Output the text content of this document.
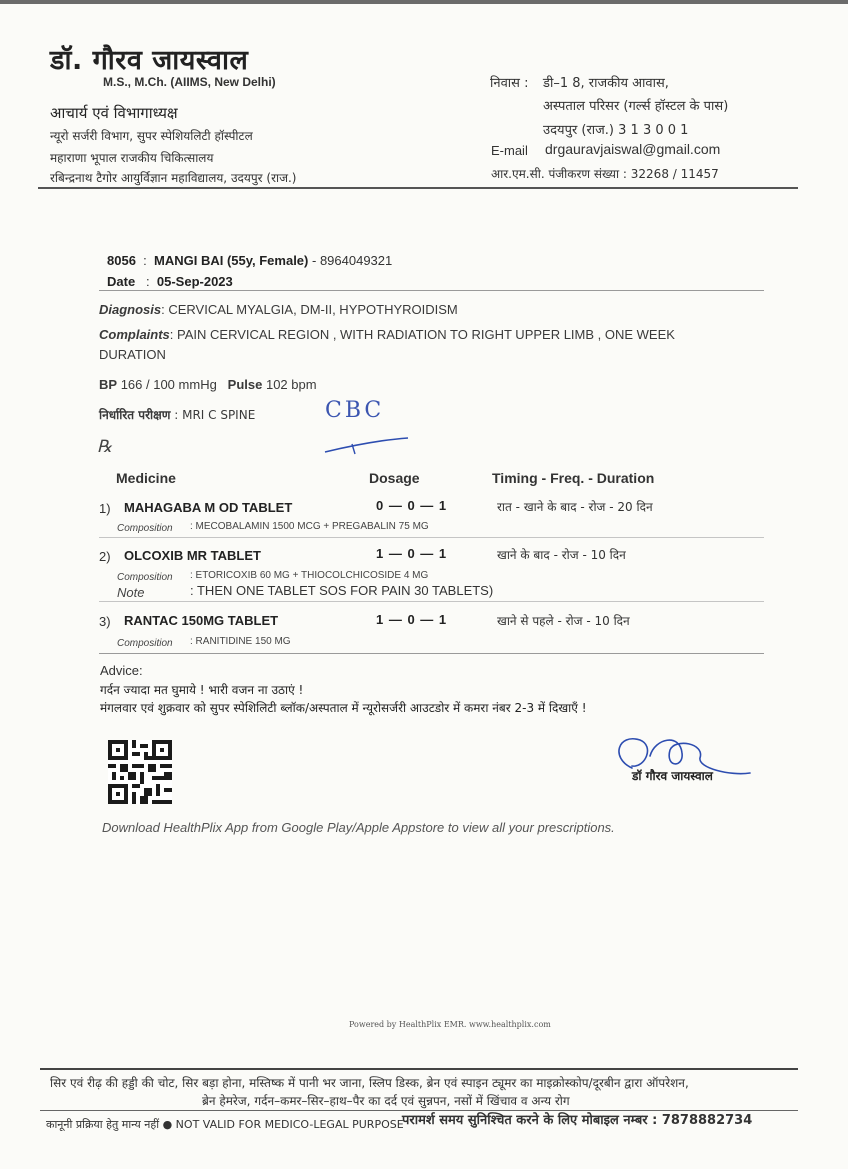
डॉ. गौरव जायस्वाल
M.S., M.Ch. (AIIMS, New Delhi)
आचार्य एवं विभागाध्यक्ष
न्यूरो सर्जरी विभाग, सुपर स्पेशियलिटी हॉस्पीटल
महाराणा भूपाल राजकीय चिकित्सालय
रबिन्द्रनाथ टैगोर आयुर्विज्ञान महाविद्यालय, उदयपुर (राज.)
निवास : डी–1 8, राजकीय आवास,
अस्पताल परिसर (गर्ल्स हॉस्टल के पास)
उदयपुर (राज.) 3 1 3 0 0 1
E-mail drgauravjaiswal@gmail.com
आर.एम.सी. पंजीकरण संख्या : 32268 / 11457
8056  :  MANGI BAI (55y, Female) - 8964049321
Date   :  05-Sep-2023
Diagnosis: CERVICAL MYALGIA, DM-II, HYPOTHYROIDISM
Complaints: PAIN CERVICAL REGION , WITH RADIATION TO RIGHT UPPER LIMB , ONE WEEK
DURATION
BP 166 / 100 mmHg Pulse 102 bpm
निर्धारित परीक्षण : MRI C SPINE	CBC
℞
Medicine	Dosage	Timing - Freq. - Duration
1) MAHAGABA M OD TABLET	0 — 0 — 1	रात - खाने के बाद - रोज - 20 दिन
Composition : MECOBALAMIN 1500 MCG + PREGABALIN 75 MG
2) OLCOXIB MR TABLET	1 — 0 — 1	खाने के बाद - रोज - 10 दिन
Composition : ETORICOXIB 60 MG + THIOCOLCHICOSIDE 4 MG
Note	: THEN ONE TABLET SOS FOR PAIN 30 TABLETS)
3) RANTAC 150MG TABLET	1 — 0 — 1	खाने से पहले - रोज - 10 दिन
Composition : RANITIDINE 150 MG
Advice:
गर्दन ज्यादा मत घुमाये ! भारी वजन ना उठाएं !
मंगलवार एवं शुक्रवार को सुपर स्पेशिलिटी ब्लॉक/अस्पताल में न्यूरोसर्जरी आउटडोर में कमरा नंबर 2-3 में दिखाएँ !
डॉ गौरव जायस्वाल
Download HealthPlix App from Google Play/Apple Appstore to view all your prescriptions.
Powered by HealthPlix EMR. www.healthplix.com
सिर एवं रीढ़ की हड्डी की चोट, सिर बड़ा होना, मस्तिष्क में पानी भर जाना, स्लिप डिस्क, ब्रेन एवं स्पाइन ट्यूमर का माइक्रोस्कोप/दूरबीन द्वारा ऑपरेशन,
ब्रेन हेमरेज, गर्दन–कमर–सिर–हाथ–पैर का दर्द एवं सुन्नपन, नसों में खिंचाव व अन्य रोग
कानूनी प्रक्रिया हेतु मान्य नहीं ● NOT VALID FOR MEDICO-LEGAL PURPOSE
परामर्श समय सुनिश्चित करने के लिए मोबाइल नम्बर : 7878882734
